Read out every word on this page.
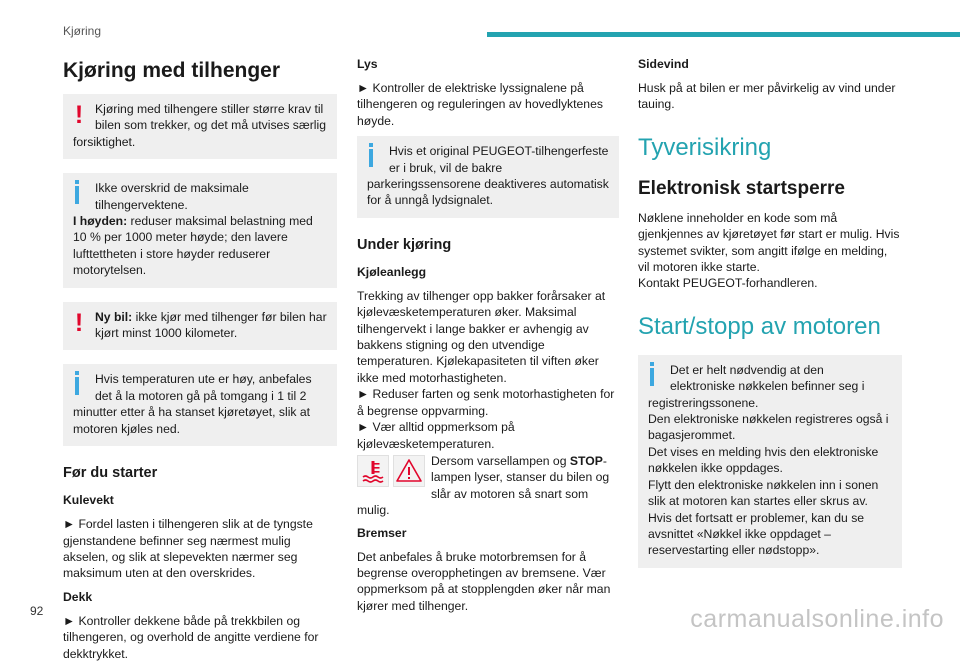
Kjøring
Kjøring med tilhenger
! Kjøring med tilhengere stiller større krav til bilen som trekker, og det må utvises særlig forsiktighet.

Ikke overskrid de maksimale tilhengervektene.
I høyden: reduser maksimal belastning med 10 % per 1000 meter høyde; den lavere lufttettheten i store høyder reduserer motorytelsen.

! Ny bil: ikke kjør med tilhenger før bilen har kjørt minst 1000 kilometer.

Hvis temperaturen ute er høy, anbefales det å la motoren gå på tomgang i 1 til 2 minutter etter å ha stanset kjøretøyet, slik at motoren kjøles ned.

Før du starter
Kulevekt

► Fordel lasten i tilhengeren slik at de tyngste gjenstandene befinner seg nærmest mulig akselen, og slik at slepevekten nærmer seg maksimum uten at den overskrides.

Dekk

► Kontroller dekkene både på trekkbilen og tilhengeren, og overhold de angitte verdiene for dekktrykket.

Lys

► Kontroller de elektriske lyssignalene på tilhengeren og reguleringen av hovedlyktenes høyde.

Hvis et original PEUGEOT-tilhengerfeste er i bruk, vil de bakre parkeringssensorene deaktiveres automatisk for å unngå lydsignalet.

Under kjøring
Kjøleanlegg

Trekking av tilhenger opp bakker forårsaker at kjølevæsketemperaturen øker. Maksimal tilhengervekt i lange bakker er avhengig av bakkens stigning og den utvendige temperaturen. Kjølekapasiteten til viften øker ikke med motorhastigheten.

► Reduser farten og senk motorhastigheten for å begrense oppvarming.

► Vær alltid oppmerksom på kjølevæsketemperaturen.

Dersom varsellampen og STOP-lampen lyser, stanser du bilen og slår av motoren så snart som mulig.

Bremser

Det anbefales å bruke motorbremsen for å begrense overopphetingen av bremsene. Vær oppmerksom på at stopplengden øker når man kjører med tilhenger.

Sidevind

Husk på at bilen er mer påvirkelig av vind under tauing.

Tyverisikring
Elektronisk startsperre

Nøklene inneholder en kode som må gjenkjennes av kjøretøyet før start er mulig. Hvis systemet svikter, som angitt ifølge en melding, vil motoren ikke starte.

Kontakt PEUGEOT-forhandleren.

Start/stopp av motoren

Det er helt nødvendig at den elektroniske nøkkelen befinner seg i registreringssonene.

Den elektroniske nøkkelen registreres også i bagasjerommet.

Det vises en melding hvis den elektroniske nøkkelen ikke oppdages.

Flytt den elektroniske nøkkelen inn i sonen slik at motoren kan startes eller skrus av.

Hvis det fortsatt er problemer, kan du se avsnittet «Nøkkel ikke oppdaget – reservestarting eller nødstopp».

92	carmanualsonline.info
